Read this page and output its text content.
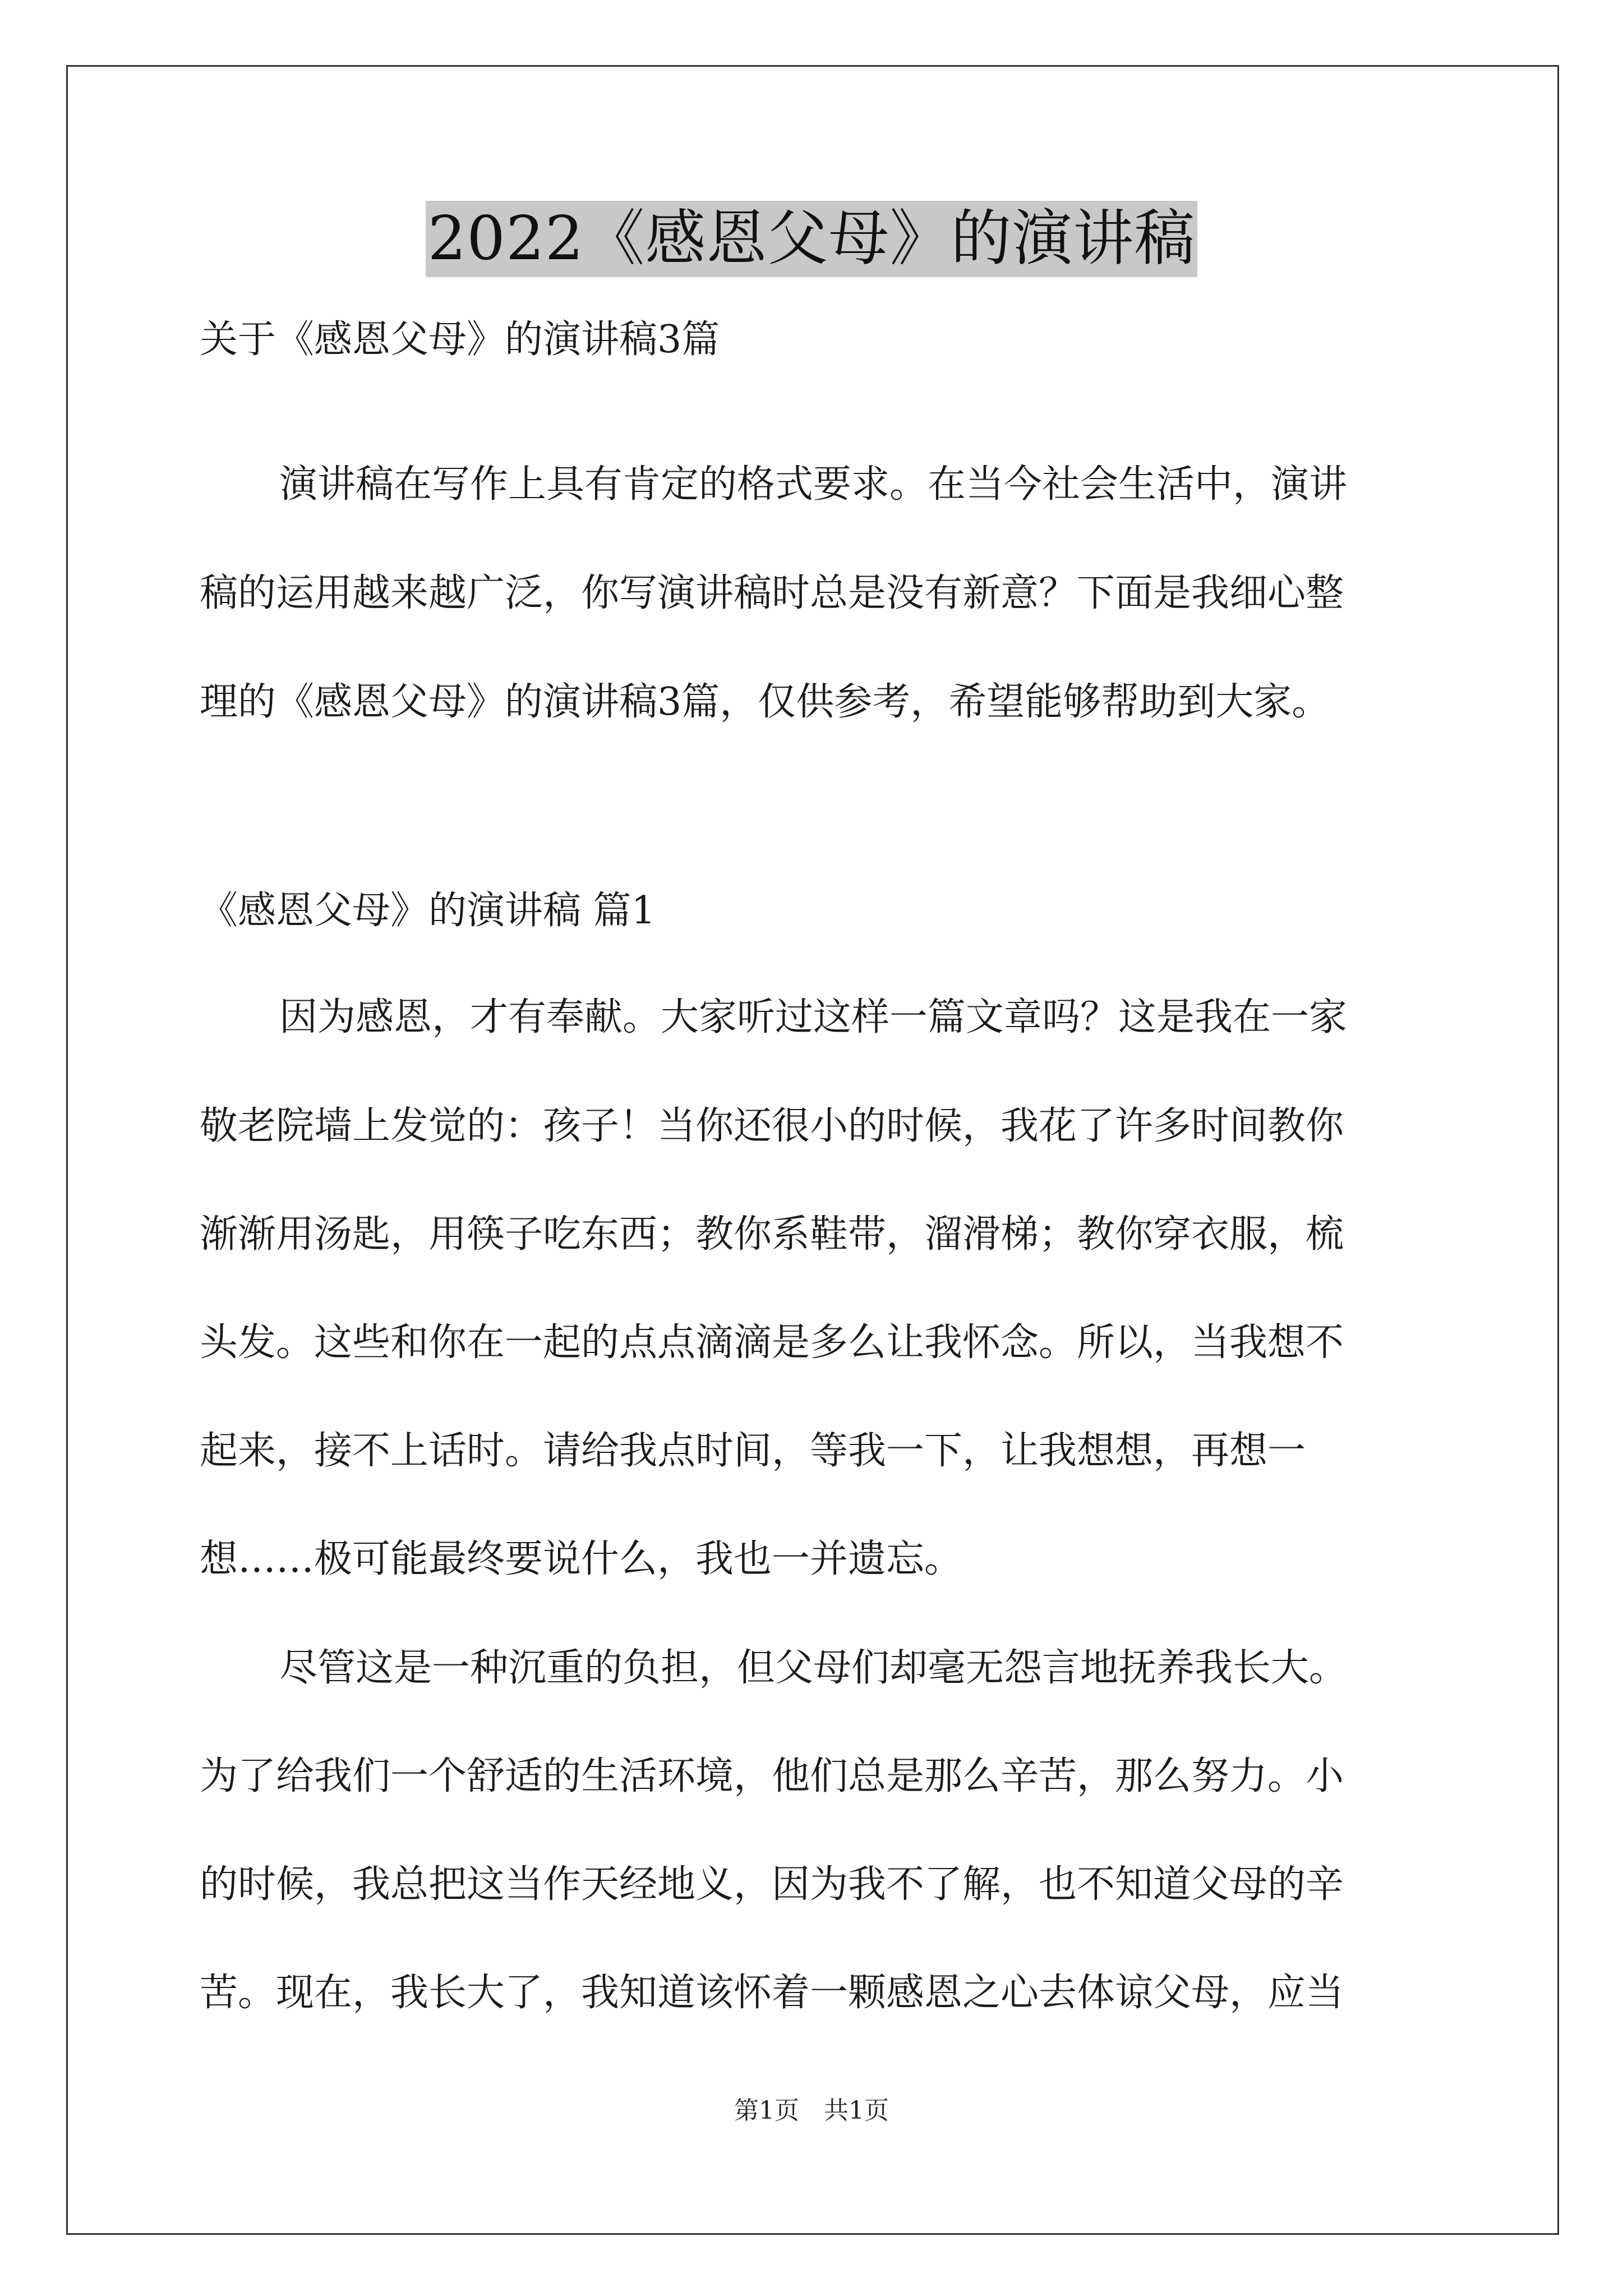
2022《感恩父母》的演讲稿
关于《感恩父母》的演讲稿3篇
演讲稿在写作上具有肯定的格式要求。在当今社会生活中，演讲
稿的运用越来越广泛，你写演讲稿时总是没有新意？下面是我细心整
理的《感恩父母》的演讲稿3篇，仅供参考，希望能够帮助到大家。
《感恩父母》的演讲稿 篇1
因为感恩，才有奉献。大家听过这样一篇文章吗？这是我在一家
敬老院墙上发觉的：孩子！当你还很小的时候，我花了许多时间教你
渐渐用汤匙，用筷子吃东西；教你系鞋带，溜滑梯；教你穿衣服，梳
头发。这些和你在一起的点点滴滴是多么让我怀念。所以，当我想不
起来，接不上话时。请给我点时间，等我一下，让我想想，再想一
想……极可能最终要说什么，我也一并遗忘。
尽管这是一种沉重的负担，但父母们却毫无怨言地抚养我长大。
为了给我们一个舒适的生活环境，他们总是那么辛苦，那么努力。小
的时候，我总把这当作天经地义，因为我不了解，也不知道父母的辛
苦。现在，我长大了，我知道该怀着一颗感恩之心去体谅父母，应当
第1页 共1页
